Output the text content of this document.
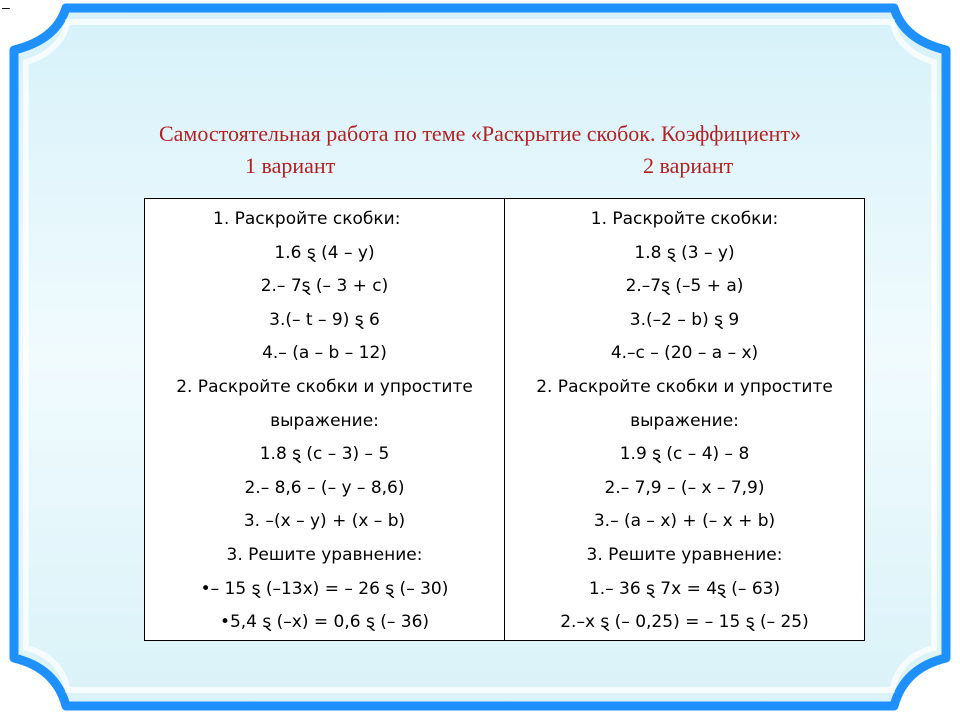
–
Самостоятельная работа по теме «Раскрытие скобок. Коэффициент»
1 вариант	2 вариант
1. Раскройте скобки:
1.6 ȿ (4 – y)
2.– 7ȿ (– 3 + c)
3.(– t – 9) ȿ 6
4.– (a – b – 12)
2. Раскройте скобки и упростите
выражение:
1.8 ȿ (c – 3) – 5
2.– 8,6 – (– y – 8,6)
3. –(x – y) + (x – b)
3. Решите уравнение:
•– 15 ȿ (–13x) = – 26 ȿ (– 30)
•5,4 ȿ (–x) = 0,6 ȿ (– 36)

1. Раскройте скобки:
1.8 ȿ (3 – y)
2.–7ȿ (–5 + a)
3.(–2 – b) ȿ 9
4.–c – (20 – a – x)
2. Раскройте скобки и упростите
выражение:
1.9 ȿ (c – 4) – 8
2.– 7,9 – (– x – 7,9)
3.– (a – x) + (– x + b)
3. Решите уравнение:
1.– 36 ȿ 7x = 4ȿ (– 63)
2.–x ȿ (– 0,25) = – 15 ȿ (– 25)
